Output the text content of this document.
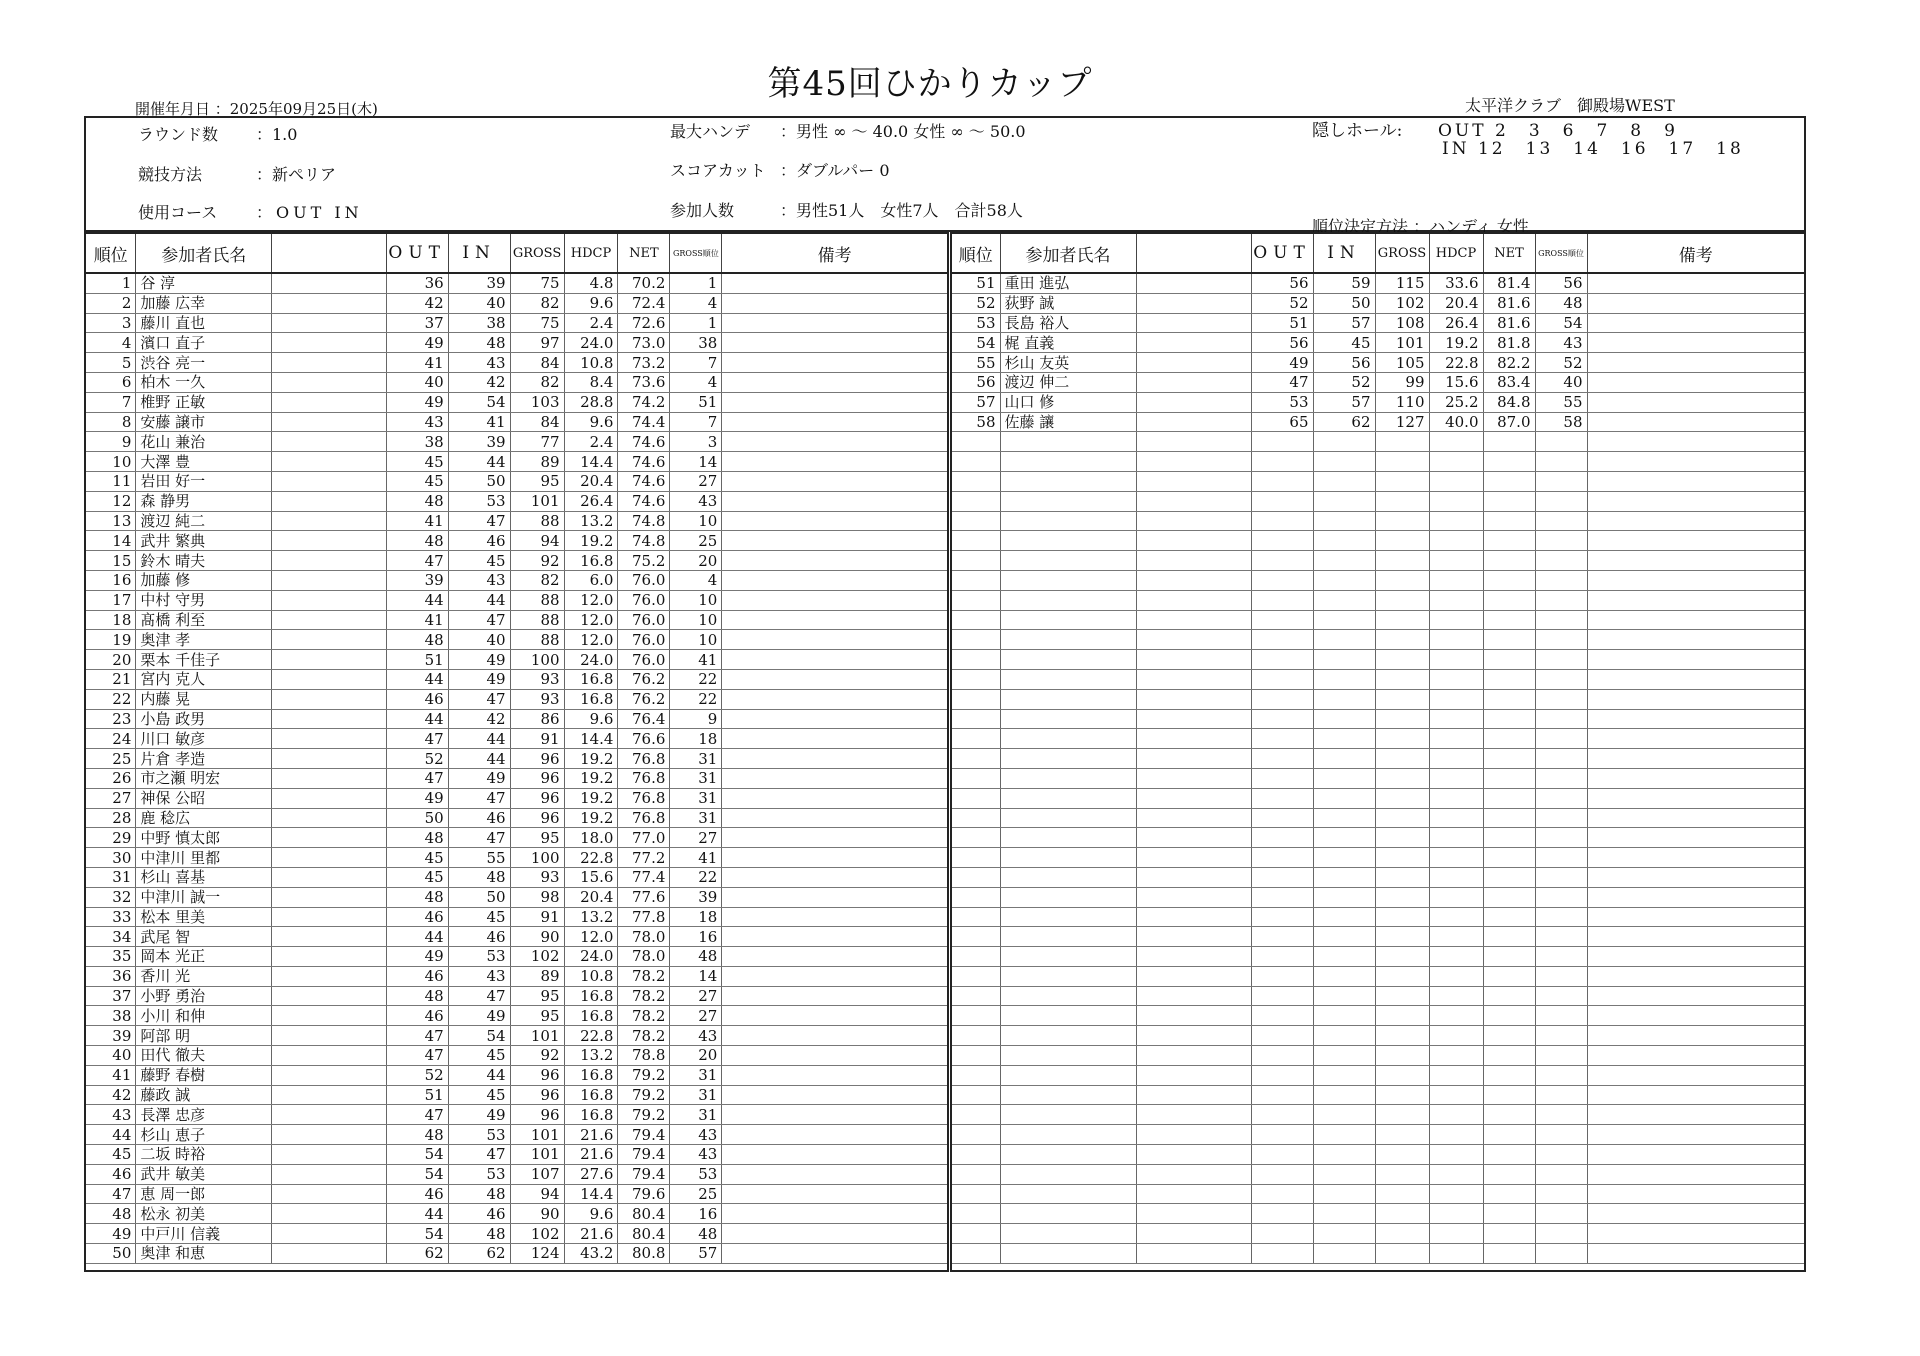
第45回ひかりカップ
開催年月日 ：2025年09月25日(木)	太平洋クラブ　御殿場WEST
ラウンド数 ：1.0
競技方法	：新ペリア
使用コース ：OUT IN
最大ハンデ ：男性 ∞ ～ 40.0 女性 ∞ ～ 50.0
スコアカット ：ダブルパー 0
参加人数	：男性51人　女性7人　合計58人
隠しホール: OUT 2　3　6　7　8　9
IN 12　13　14　16　17　18
順位決定方法 ：ハンディ 女性
順位	参加者氏名		OUT	IN	GROSS	HDCP	NET	GROSS順位	備考
1	谷 淳		36	39	75	4.8	70.2	1	
2	加藤 広幸		42	40	82	9.6	72.4	4	
3	藤川 直也		37	38	75	2.4	72.6	1	
4	濱口 直子		49	48	97	24.0	73.0	38	
5	渋谷 亮一		41	43	84	10.8	73.2	7	
6	柏木 一久		40	42	82	8.4	73.6	4	
7	椎野 正敏		49	54	103	28.8	74.2	51	
8	安藤 譲市		43	41	84	9.6	74.4	7	
9	花山 兼治		38	39	77	2.4	74.6	3	
10	大澤 豊		45	44	89	14.4	74.6	14	
11	岩田 好一		45	50	95	20.4	74.6	27	
12	森 静男		48	53	101	26.4	74.6	43	
13	渡辺 純二		41	47	88	13.2	74.8	10	
14	武井 繁典		48	46	94	19.2	74.8	25	
15	鈴木 晴夫		47	45	92	16.8	75.2	20	
16	加藤 修		39	43	82	6.0	76.0	4	
17	中村 守男		44	44	88	12.0	76.0	10	
18	髙橋 利至		41	47	88	12.0	76.0	10	
19	奥津 孝		48	40	88	12.0	76.0	10	
20	栗本 千佳子		51	49	100	24.0	76.0	41	
21	宮内 克人		44	49	93	16.8	76.2	22	
22	内藤 晃		46	47	93	16.8	76.2	22	
23	小島 政男		44	42	86	9.6	76.4	9	
24	川口 敏彦		47	44	91	14.4	76.6	18	
25	片倉 孝造		52	44	96	19.2	76.8	31	
26	市之瀬 明宏		47	49	96	19.2	76.8	31	
27	神保 公昭		49	47	96	19.2	76.8	31	
28	鹿 稔広		50	46	96	19.2	76.8	31	
29	中野 慎太郎		48	47	95	18.0	77.0	27	
30	中津川 里都		45	55	100	22.8	77.2	41	
31	杉山 喜基		45	48	93	15.6	77.4	22	
32	中津川 誠一		48	50	98	20.4	77.6	39	
33	松本 里美		46	45	91	13.2	77.8	18	
34	武尾 智		44	46	90	12.0	78.0	16	
35	岡本 光正		49	53	102	24.0	78.0	48	
36	香川 光		46	43	89	10.8	78.2	14	
37	小野 勇治		48	47	95	16.8	78.2	27	
38	小川 和伸		46	49	95	16.8	78.2	27	
39	阿部 明		47	54	101	22.8	78.2	43	
40	田代 徹夫		47	45	92	13.2	78.8	20	
41	藤野 春樹		52	44	96	16.8	79.2	31	
42	藤政 誠		51	45	96	16.8	79.2	31	
43	長澤 忠彦		47	49	96	16.8	79.2	31	
44	杉山 恵子		48	53	101	21.6	79.4	43	
45	二坂 時裕		54	47	101	21.6	79.4	43	
46	武井 敏美		54	53	107	27.6	79.4	53	
47	恵 周一郎		46	48	94	14.4	79.6	25	
48	松永 初美		44	46	90	9.6	80.4	16	
49	中戸川 信義		54	48	102	21.6	80.4	48	
50	奥津 和恵		62	62	124	43.2	80.8	57	
順位	参加者氏名		OUT	IN	GROSS	HDCP	NET	GROSS順位	備考
51	重田 進弘		56	59	115	33.6	81.4	56	
52	荻野 誠		52	50	102	20.4	81.6	48	
53	長島 裕人		51	57	108	26.4	81.6	54	
54	梶 直義		56	45	101	19.2	81.8	43	
55	杉山 友英		49	56	105	22.8	82.2	52	
56	渡辺 伸二		47	52	99	15.6	83.4	40	
57	山口 修		53	57	110	25.2	84.8	55	
58	佐藤 讓		65	62	127	40.0	87.0	58	
